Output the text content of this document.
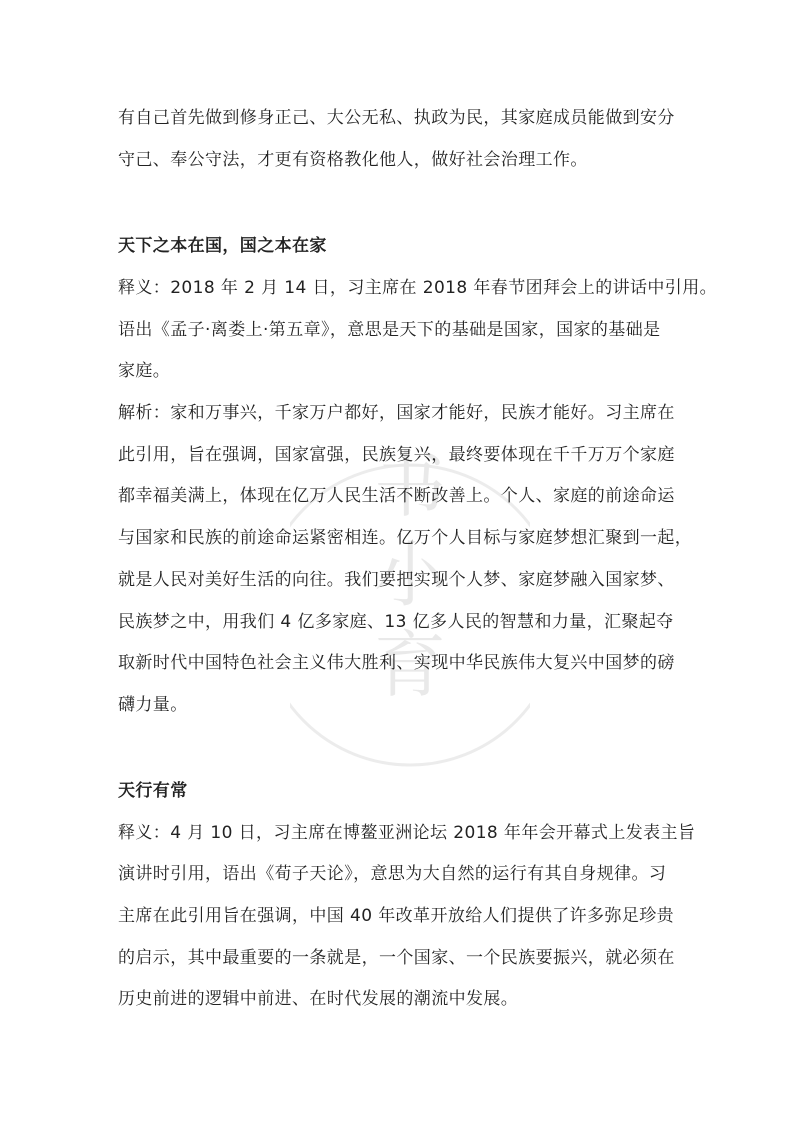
书
小
育
有自己首先做到修身正己、大公无私、执政为民，其家庭成员能做到安分
守己、奉公守法，才更有资格教化他人，做好社会治理工作。
天下之本在国，国之本在家
释义：2018 年 2 月 14 日，习主席在 2018 年春节团拜会上的讲话中引用。
语出《孟子·离娄上·第五章》，意思是天下的基础是国家，国家的基础是
家庭。
解析：家和万事兴，千家万户都好，国家才能好，民族才能好。习主席在
此引用，旨在强调，国家富强，民族复兴，最终要体现在千千万万个家庭
都幸福美满上，体现在亿万人民生活不断改善上。个人、家庭的前途命运
与国家和民族的前途命运紧密相连。亿万个人目标与家庭梦想汇聚到一起，
就是人民对美好生活的向往。我们要把实现个人梦、家庭梦融入国家梦、
民族梦之中，用我们 4 亿多家庭、13 亿多人民的智慧和力量，汇聚起夺
取新时代中国特色社会主义伟大胜利、实现中华民族伟大复兴中国梦的磅
礴力量。
天行有常
释义：4 月 10 日，习主席在博鳌亚洲论坛 2018 年年会开幕式上发表主旨
演讲时引用，语出《荀子天论》，意思为大自然的运行有其自身规律。习
主席在此引用旨在强调，中国 40 年改革开放给人们提供了许多弥足珍贵
的启示，其中最重要的一条就是，一个国家、一个民族要振兴，就必须在
历史前进的逻辑中前进、在时代发展的潮流中发展。
